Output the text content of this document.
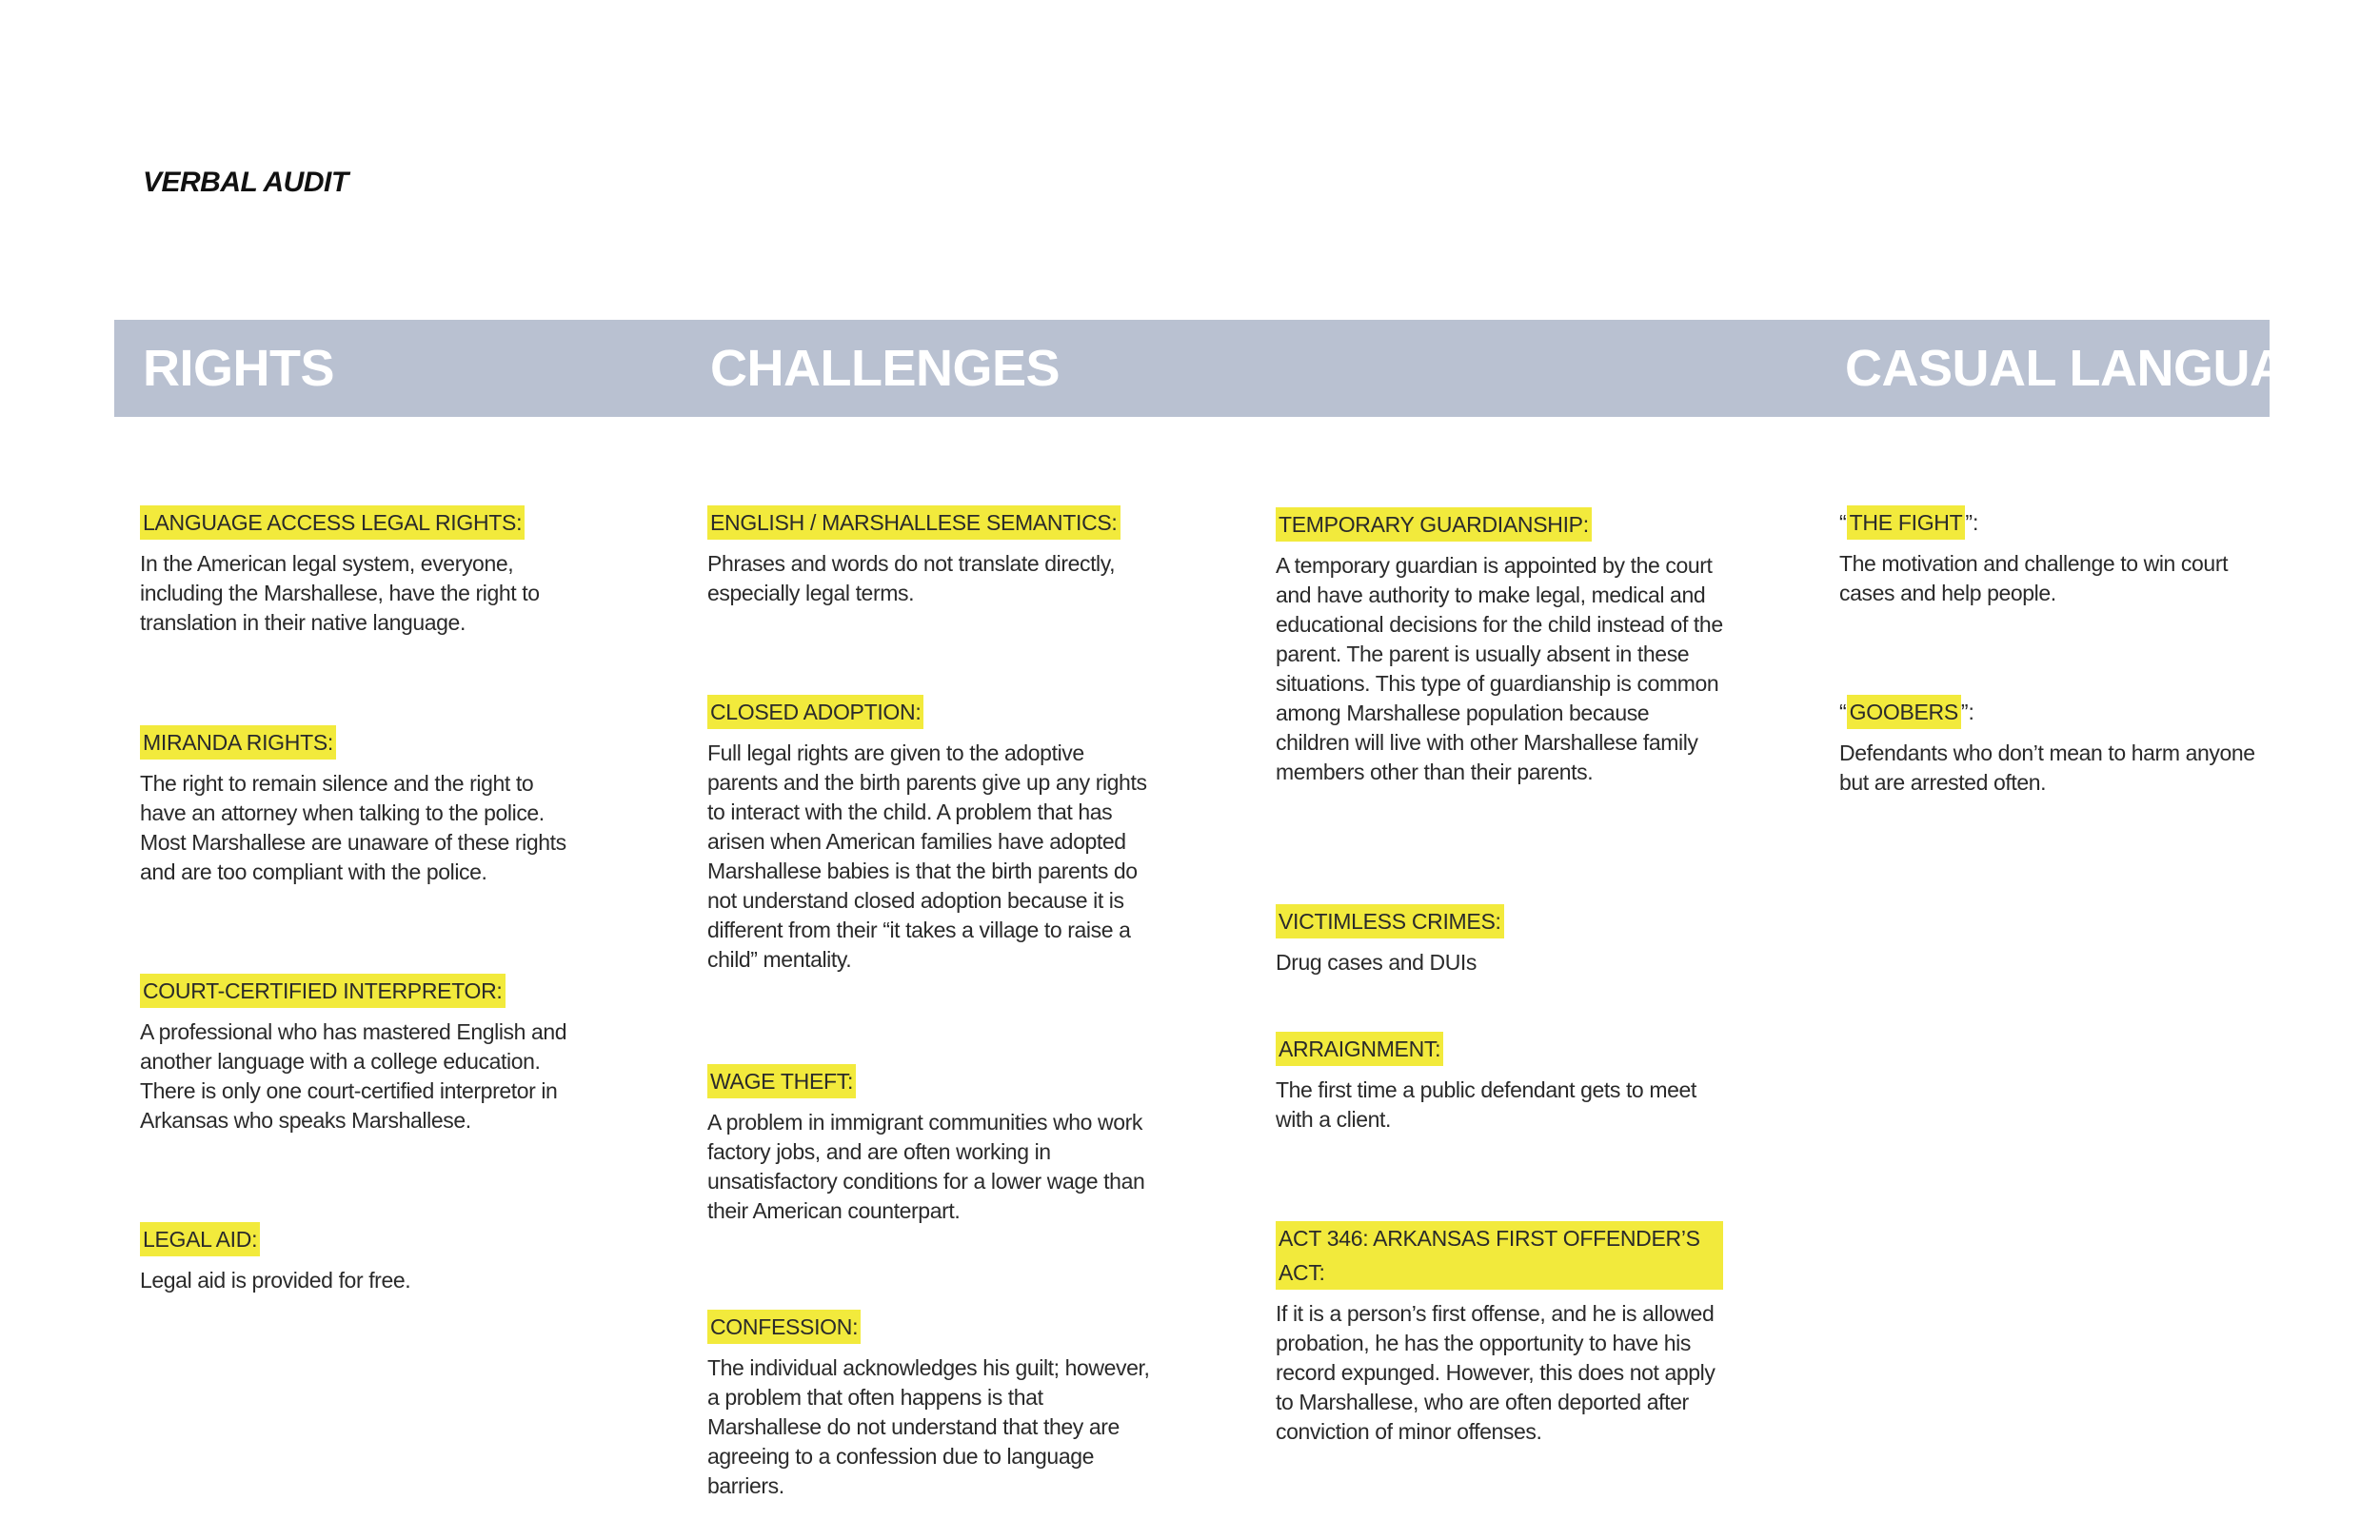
VERBAL AUDIT
RIGHTS	CHALLENGES	CASUAL LANGUAGE
LANGUAGE ACCESS LEGAL RIGHTS:

In the American legal system, everyone, including the Marshallese, have the right to translation in their native language.

MIRANDA RIGHTS:

The right to remain silence and the right to have an attorney when talking to the police. Most Marshallese are unaware of these rights and are too compliant with the police.

COURT-CERTIFIED INTERPRETOR:

A professional who has mastered English and another language with a college education. There is only one court-certified interpretor in Arkansas who speaks Marshallese.

LEGAL AID:

Legal aid is provided for free.

ENGLISH / MARSHALLESE SEMANTICS:

Phrases and words do not translate directly, especially legal terms.

CLOSED ADOPTION:

Full legal rights are given to the adoptive parents and the birth parents give up any rights to interact with the child. A problem that has arisen when American families have adopted Marshallese babies is that the birth parents do not understand closed adoption because it is different from their “it takes a village to raise a child” mentality.

WAGE THEFT:

A problem in immigrant communities who work factory jobs, and are often working in unsatisfactory conditions for a lower wage than their American counterpart.

CONFESSION:

The individual acknowledges his guilt; however, a problem that often happens is that Marshallese do not understand that they are agreeing to a confession due to language barriers.

TEMPORARY GUARDIANSHIP:

A temporary guardian is appointed by the court and have authority to make legal, medical and educational decisions for the child instead of the parent. The parent is usually absent in these situations. This type of guardianship is common among Marshallese population because children will live with other Marshallese family members other than their parents.

VICTIMLESS CRIMES:

Drug cases and DUIs

ARRAIGNMENT:

The first time a public defendant gets to meet with a client.

ACT 346: ARKANSAS FIRST OFFENDER’S ACT:

If it is a person’s first offense, and he is allowed probation, he has the opportunity to have his record expunged. However, this does not apply to Marshallese, who are often deported after conviction of minor offenses.

“ THE FIGHT ”:

The motivation and challenge to win court cases and help people.

“ GOOBERS ”:

Defendants who don’t mean to harm anyone but are arrested often.
